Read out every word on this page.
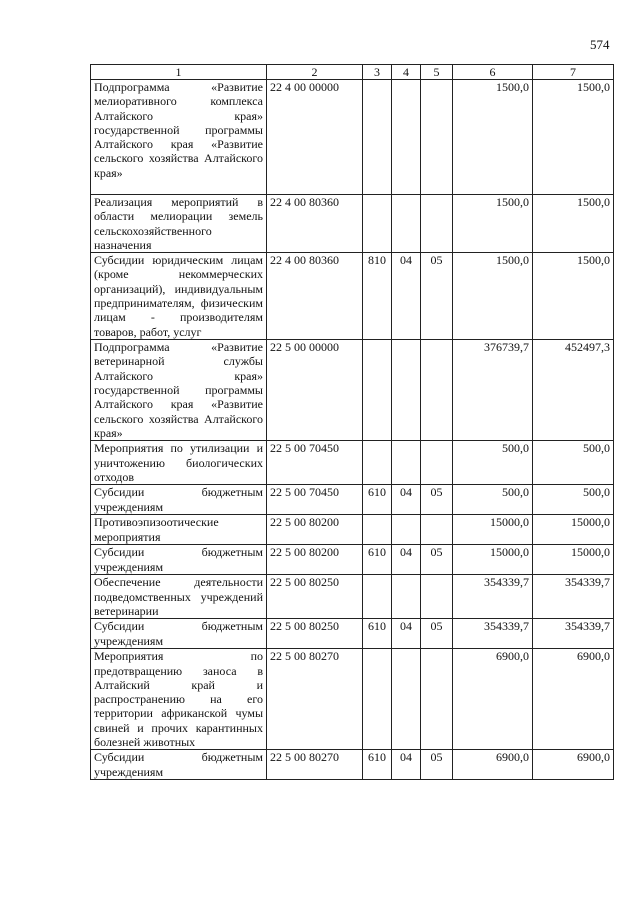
574
1	2	3	4	5	6	7
Подпрограмма «Развитие мелиоративного комплекса Алтайского края» государственной программы Алтайского края «Развитие сельского хозяйства Алтайского края»	22 4 00 00000				1500,0	1500,0
Реализация мероприятий в области мелиорации земель сельскохозяйственного назначения	22 4 00 80360				1500,0	1500,0
Субсидии юридическим лицам (кроме некоммерческих организаций), индивидуальным предпринимателям, физическим лицам - производителям товаров, работ, услуг	22 4 00 80360	810	04	05	1500,0	1500,0
Подпрограмма «Развитие ветеринарной службы Алтайского края» государственной программы Алтайского края «Развитие сельского хозяйства Алтайского края»	22 5 00 00000				376739,7	452497,3
Мероприятия по утилизации и уничтожению биологических отходов	22 5 00 70450				500,0	500,0
Субсидии бюджетным учреждениям	22 5 00 70450	610	04	05	500,0	500,0
Противоэпизоотические мероприятия	22 5 00 80200				15000,0	15000,0
Субсидии бюджетным учреждениям	22 5 00 80200	610	04	05	15000,0	15000,0
Обеспечение деятельности подведомственных учреждений ветеринарии	22 5 00 80250				354339,7	354339,7
Субсидии бюджетным учреждениям	22 5 00 80250	610	04	05	354339,7	354339,7
Мероприятия по предотвращению заноса в Алтайский край и распространению на его территории африканской чумы свиней и прочих карантинных болезней животных	22 5 00 80270				6900,0	6900,0
Субсидии бюджетным учреждениям	22 5 00 80270	610	04	05	6900,0	6900,0
